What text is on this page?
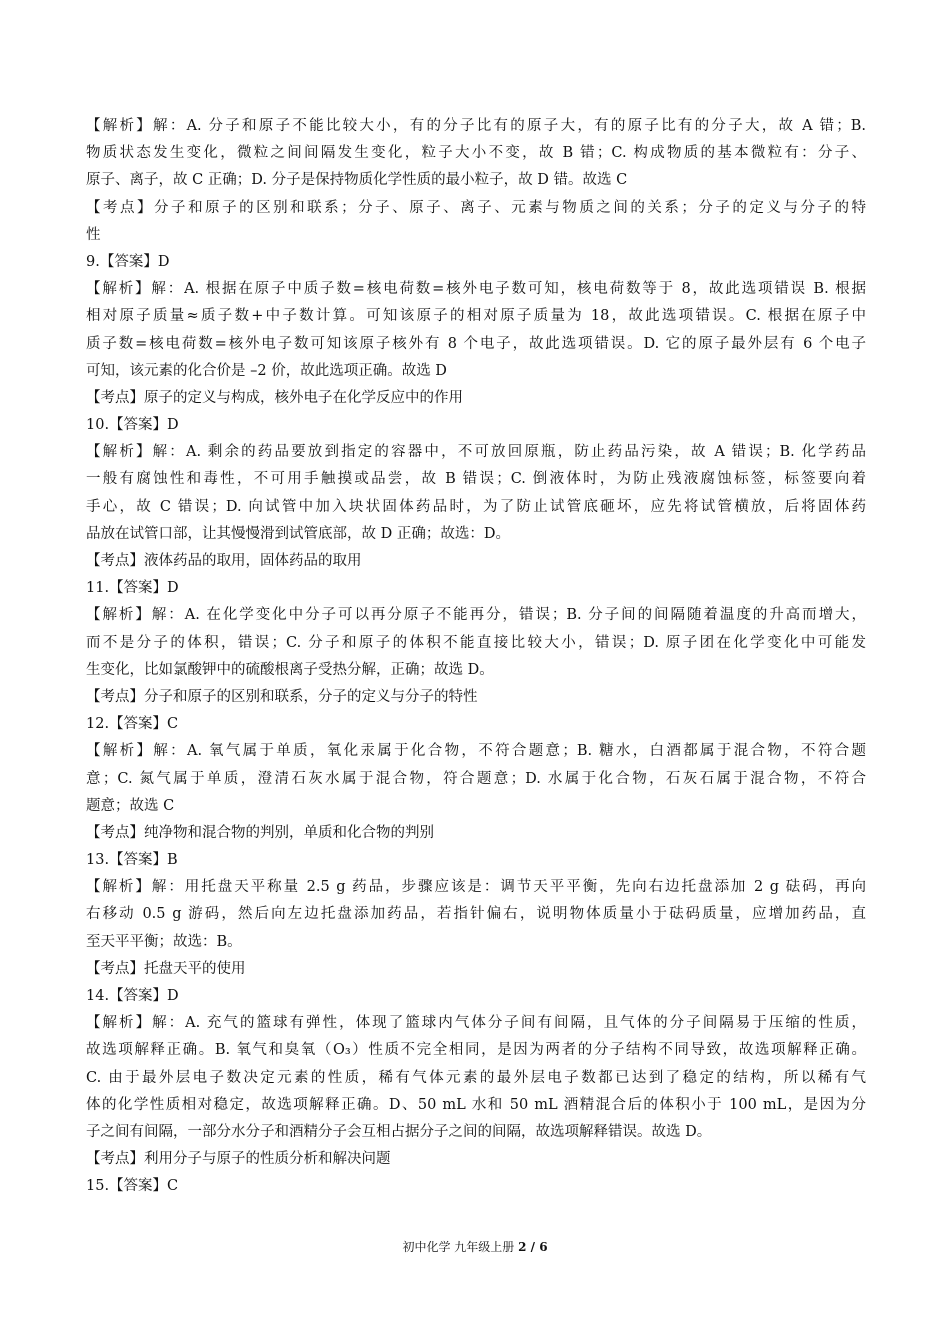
【解析】解：A. 分子和原子不能比较大小，有的分子比有的原子大，有的原子比有的分子大，故 A 错；B.
物质状态发生变化，微粒之间间隔发生变化，粒子大小不变，故 B 错；C. 构成物质的基本微粒有：分子、
原子、离子，故 C 正确；D. 分子是保持物质化学性质的最小粒子，故 D 错。故选 C
【考点】分子和原子的区别和联系；分子、原子、离子、元素与物质之间的关系；分子的定义与分子的特
性
9.【答案】D
【解析】解：A. 根据在原子中质子数=核电荷数=核外电子数可知，核电荷数等于 8，故此选项错误 B. 根据
相对原子质量≈质子数+中子数计算。可知该原子的相对原子质量为 18，故此选项错误。C. 根据在原子中
质子数=核电荷数=核外电子数可知该原子核外有 8 个电子，故此选项错误。D. 它的原子最外层有 6 个电子
可知，该元素的化合价是 –2 价，故此选项正确。故选 D
【考点】原子的定义与构成，核外电子在化学反应中的作用
10.【答案】D
【解析】解：A. 剩余的药品要放到指定的容器中，不可放回原瓶，防止药品污染，故 A 错误；B. 化学药品
一般有腐蚀性和毒性，不可用手触摸或品尝，故 B 错误；C. 倒液体时，为防止残液腐蚀标签，标签要向着
手心，故 C 错误；D. 向试管中加入块状固体药品时，为了防止试管底砸坏，应先将试管横放，后将固体药
品放在试管口部，让其慢慢滑到试管底部，故 D 正确；故选：D。
【考点】液体药品的取用，固体药品的取用
11.【答案】D
【解析】解：A. 在化学变化中分子可以再分原子不能再分，错误；B. 分子间的间隔随着温度的升高而增大，
而不是分子的体积，错误；C. 分子和原子的体积不能直接比较大小，错误；D. 原子团在化学变化中可能发
生变化，比如氯酸钾中的硫酸根离子受热分解，正确；故选 D。
【考点】分子和原子的区别和联系，分子的定义与分子的特性
12.【答案】C
【解析】解：A. 氧气属于单质，氧化汞属于化合物，不符合题意；B. 糖水，白酒都属于混合物，不符合题
意；C. 氮气属于单质，澄清石灰水属于混合物，符合题意；D. 水属于化合物，石灰石属于混合物，不符合
题意；故选 C
【考点】纯净物和混合物的判别，单质和化合物的判别
13.【答案】B
【解析】解：用托盘天平称量 2.5 g 药品，步骤应该是：调节天平平衡，先向右边托盘添加 2 g 砝码，再向
右移动 0.5 g 游码，然后向左边托盘添加药品，若指针偏右，说明物体质量小于砝码质量，应增加药品，直
至天平平衡；故选：B。
【考点】托盘天平的使用
14.【答案】D
【解析】解：A. 充气的篮球有弹性，体现了篮球内气体分子间有间隔，且气体的分子间隔易于压缩的性质，
故选项解释正确。B. 氧气和臭氧（O₃）性质不完全相同，是因为两者的分子结构不同导致，故选项解释正确。
C. 由于最外层电子数决定元素的性质，稀有气体元素的最外层电子数都已达到了稳定的结构，所以稀有气
体的化学性质相对稳定，故选项解释正确。D、50 mL 水和 50 mL 酒精混合后的体积小于 100 mL，是因为分
子之间有间隔，一部分水分子和酒精分子会互相占据分子之间的间隔，故选项解释错误。故选 D。
【考点】利用分子与原子的性质分析和解决问题
15.【答案】C
初中化学 九年级上册 2 / 6
